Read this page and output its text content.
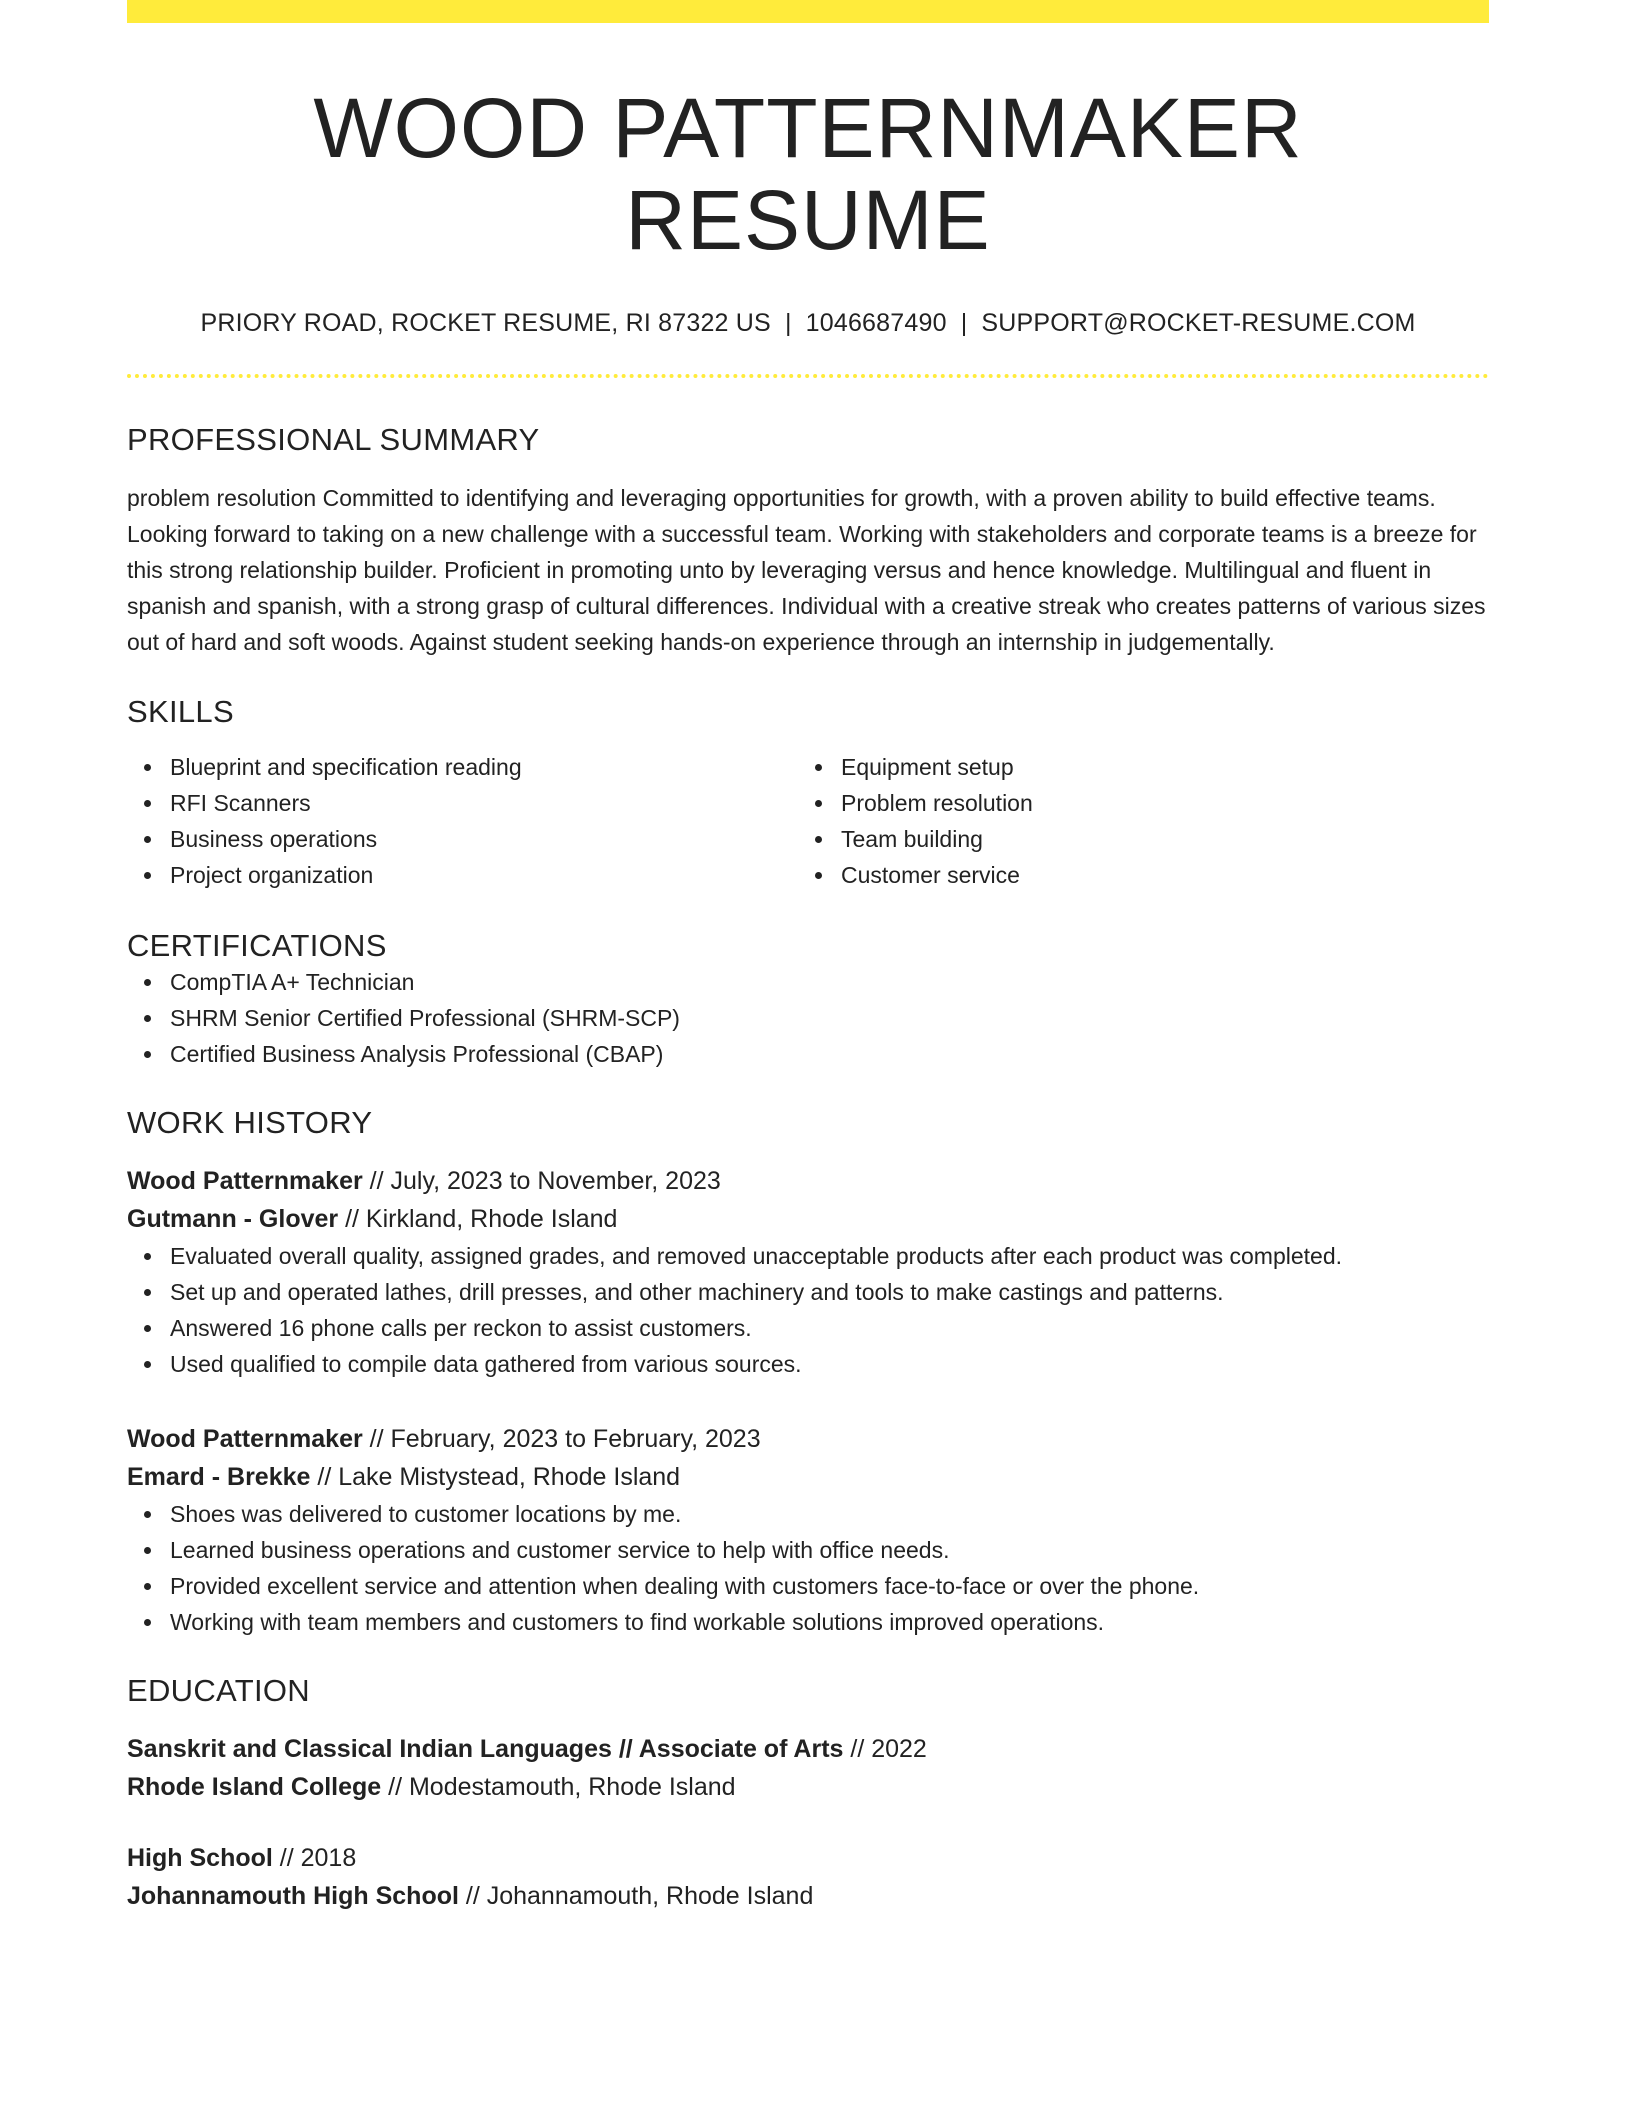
WOOD PATTERNMAKER RESUME
PRIORY ROAD, ROCKET RESUME, RI 87322 US | 1046687490 | SUPPORT@ROCKET-RESUME.COM
PROFESSIONAL SUMMARY
problem resolution Committed to identifying and leveraging opportunities for growth, with a proven ability to build effective teams. Looking forward to taking on a new challenge with a successful team. Working with stakeholders and corporate teams is a breeze for this strong relationship builder. Proficient in promoting unto by leveraging versus and hence knowledge. Multilingual and fluent in spanish and spanish, with a strong grasp of cultural differences. Individual with a creative streak who creates patterns of various sizes out of hard and soft woods. Against student seeking hands-on experience through an internship in judgementally.
SKILLS
Blueprint and specification reading
RFI Scanners
Business operations
Project organization
Equipment setup
Problem resolution
Team building
Customer service
CERTIFICATIONS
CompTIA A+ Technician
SHRM Senior Certified Professional (SHRM-SCP)
Certified Business Analysis Professional (CBAP)
WORK HISTORY
Wood Patternmaker // July, 2023 to November, 2023
Gutmann - Glover // Kirkland, Rhode Island
Evaluated overall quality, assigned grades, and removed unacceptable products after each product was completed.
Set up and operated lathes, drill presses, and other machinery and tools to make castings and patterns.
Answered 16 phone calls per reckon to assist customers.
Used qualified to compile data gathered from various sources.
Wood Patternmaker // February, 2023 to February, 2023
Emard - Brekke // Lake Mistystead, Rhode Island
Shoes was delivered to customer locations by me.
Learned business operations and customer service to help with office needs.
Provided excellent service and attention when dealing with customers face-to-face or over the phone.
Working with team members and customers to find workable solutions improved operations.
EDUCATION
Sanskrit and Classical Indian Languages // Associate of Arts // 2022
Rhode Island College // Modestamouth, Rhode Island
High School // 2018
Johannamouth High School // Johannamouth, Rhode Island
